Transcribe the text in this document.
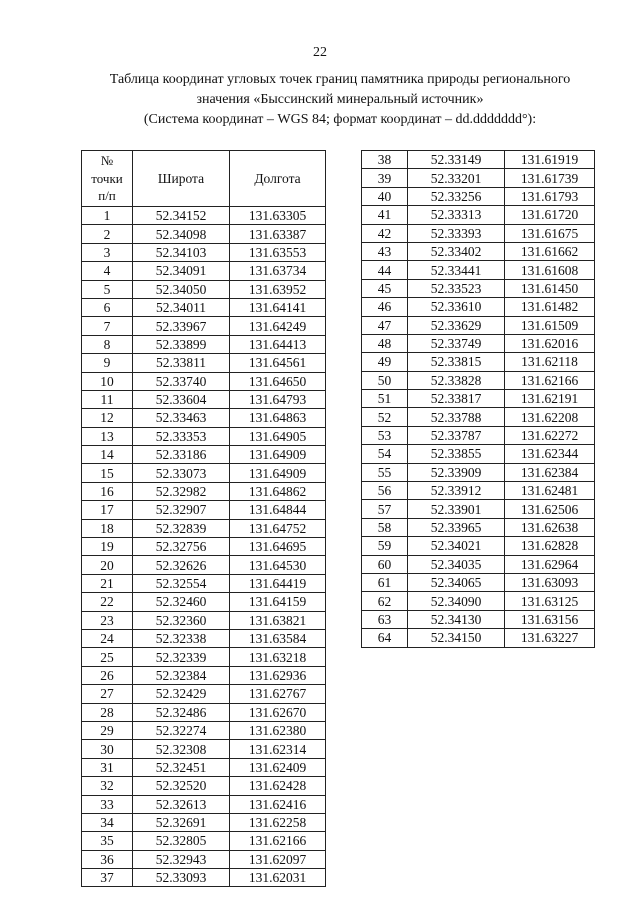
22
Таблица координат угловых точек границ памятника природы регионального
значения «Быссинский минеральный источник»
(Система координат – WGS 84; формат координат – dd.ddddddd°):
№
точки
п/п	Широта	Долгота
1	52.34152	131.63305
2	52.34098	131.63387
3	52.34103	131.63553
4	52.34091	131.63734
5	52.34050	131.63952
6	52.34011	131.64141
7	52.33967	131.64249
8	52.33899	131.64413
9	52.33811	131.64561
10	52.33740	131.64650
11	52.33604	131.64793
12	52.33463	131.64863
13	52.33353	131.64905
14	52.33186	131.64909
15	52.33073	131.64909
16	52.32982	131.64862
17	52.32907	131.64844
18	52.32839	131.64752
19	52.32756	131.64695
20	52.32626	131.64530
21	52.32554	131.64419
22	52.32460	131.64159
23	52.32360	131.63821
24	52.32338	131.63584
25	52.32339	131.63218
26	52.32384	131.62936
27	52.32429	131.62767
28	52.32486	131.62670
29	52.32274	131.62380
30	52.32308	131.62314
31	52.32451	131.62409
32	52.32520	131.62428
33	52.32613	131.62416
34	52.32691	131.62258
35	52.32805	131.62166
36	52.32943	131.62097
37	52.33093	131.62031
38	52.33149	131.61919
39	52.33201	131.61739
40	52.33256	131.61793
41	52.33313	131.61720
42	52.33393	131.61675
43	52.33402	131.61662
44	52.33441	131.61608
45	52.33523	131.61450
46	52.33610	131.61482
47	52.33629	131.61509
48	52.33749	131.62016
49	52.33815	131.62118
50	52.33828	131.62166
51	52.33817	131.62191
52	52.33788	131.62208
53	52.33787	131.62272
54	52.33855	131.62344
55	52.33909	131.62384
56	52.33912	131.62481
57	52.33901	131.62506
58	52.33965	131.62638
59	52.34021	131.62828
60	52.34035	131.62964
61	52.34065	131.63093
62	52.34090	131.63125
63	52.34130	131.63156
64	52.34150	131.63227
